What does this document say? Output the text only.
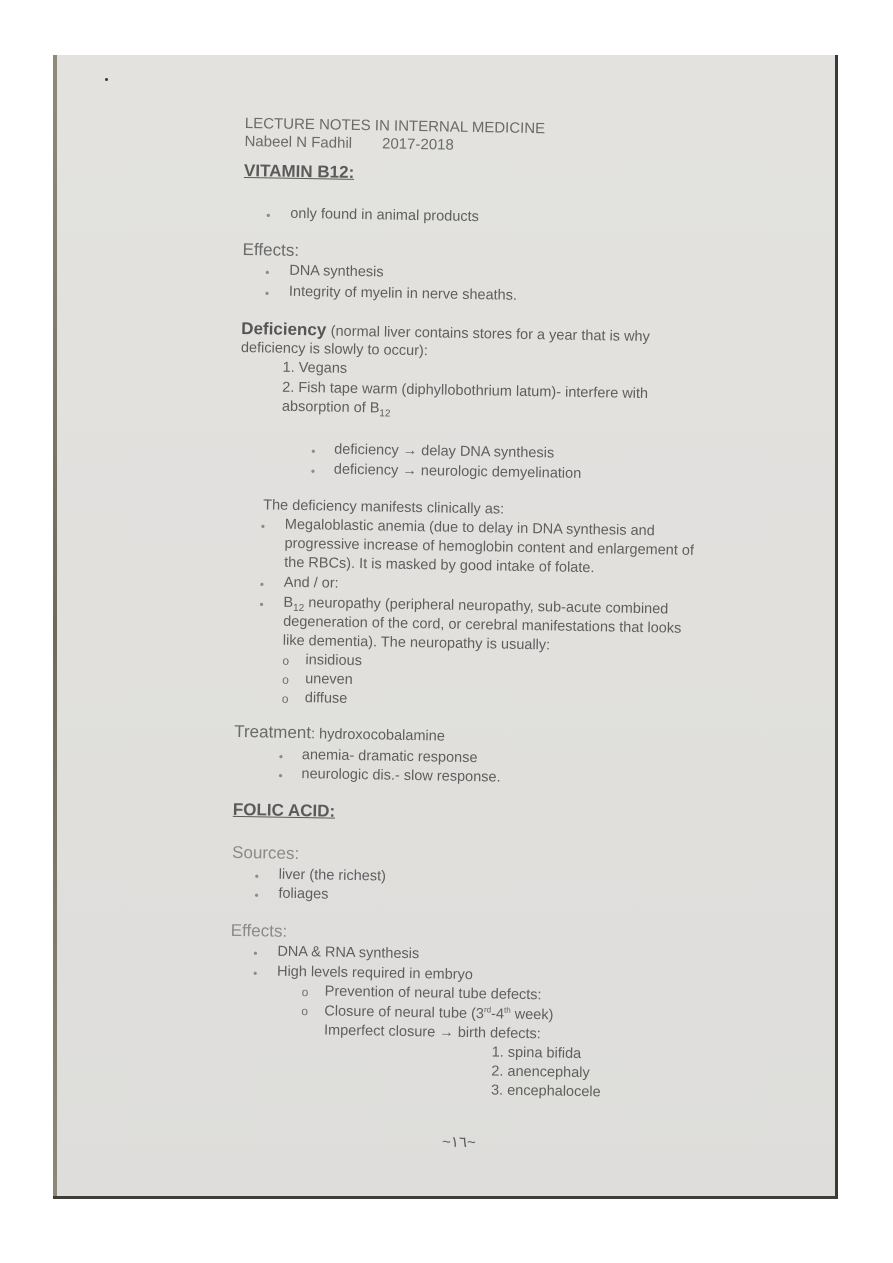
LECTURE NOTES IN INTERNAL MEDICINE
Nabeel N Fadhil 2017-2018
VITAMIN B12:
• only found in animal products
Effects:
• DNA synthesis
• Integrity of myelin in nerve sheaths.
Deficiency (normal liver contains stores for a year that is why
deficiency is slowly to occur):
1. Vegans
2. Fish tape warm (diphyllobothrium latum)- interfere with
absorption of $B_{12}$
• deficiency → delay DNA synthesis
• deficiency → neurologic demyelination
The deficiency manifests clinically as:
• Megaloblastic anemia (due to delay in DNA synthesis and
progressive increase of hemoglobin content and enlargement of
the RBCs). It is masked by good intake of folate.
• And / or:
• $B_{12}$ neuropathy (peripheral neuropathy, sub-acute combined
degeneration of the cord, or cerebral manifestations that looks
like dementia). The neuropathy is usually:
o insidious
o uneven
o diffuse
Treatment: hydroxocobalamine
• anemia- dramatic response
• neurologic dis.- slow response.
FOLIC ACID:
Sources:
• liver (the richest)
• foliages
Effects:
• DNA & RNA synthesis
• High levels required in embryo
o Prevention of neural tube defects:
o Closure of neural tube (3rd-4th week)
Imperfect closure → birth defects:
1. spina bifida
2. anencephaly
3. encephalocele
~١٦~
